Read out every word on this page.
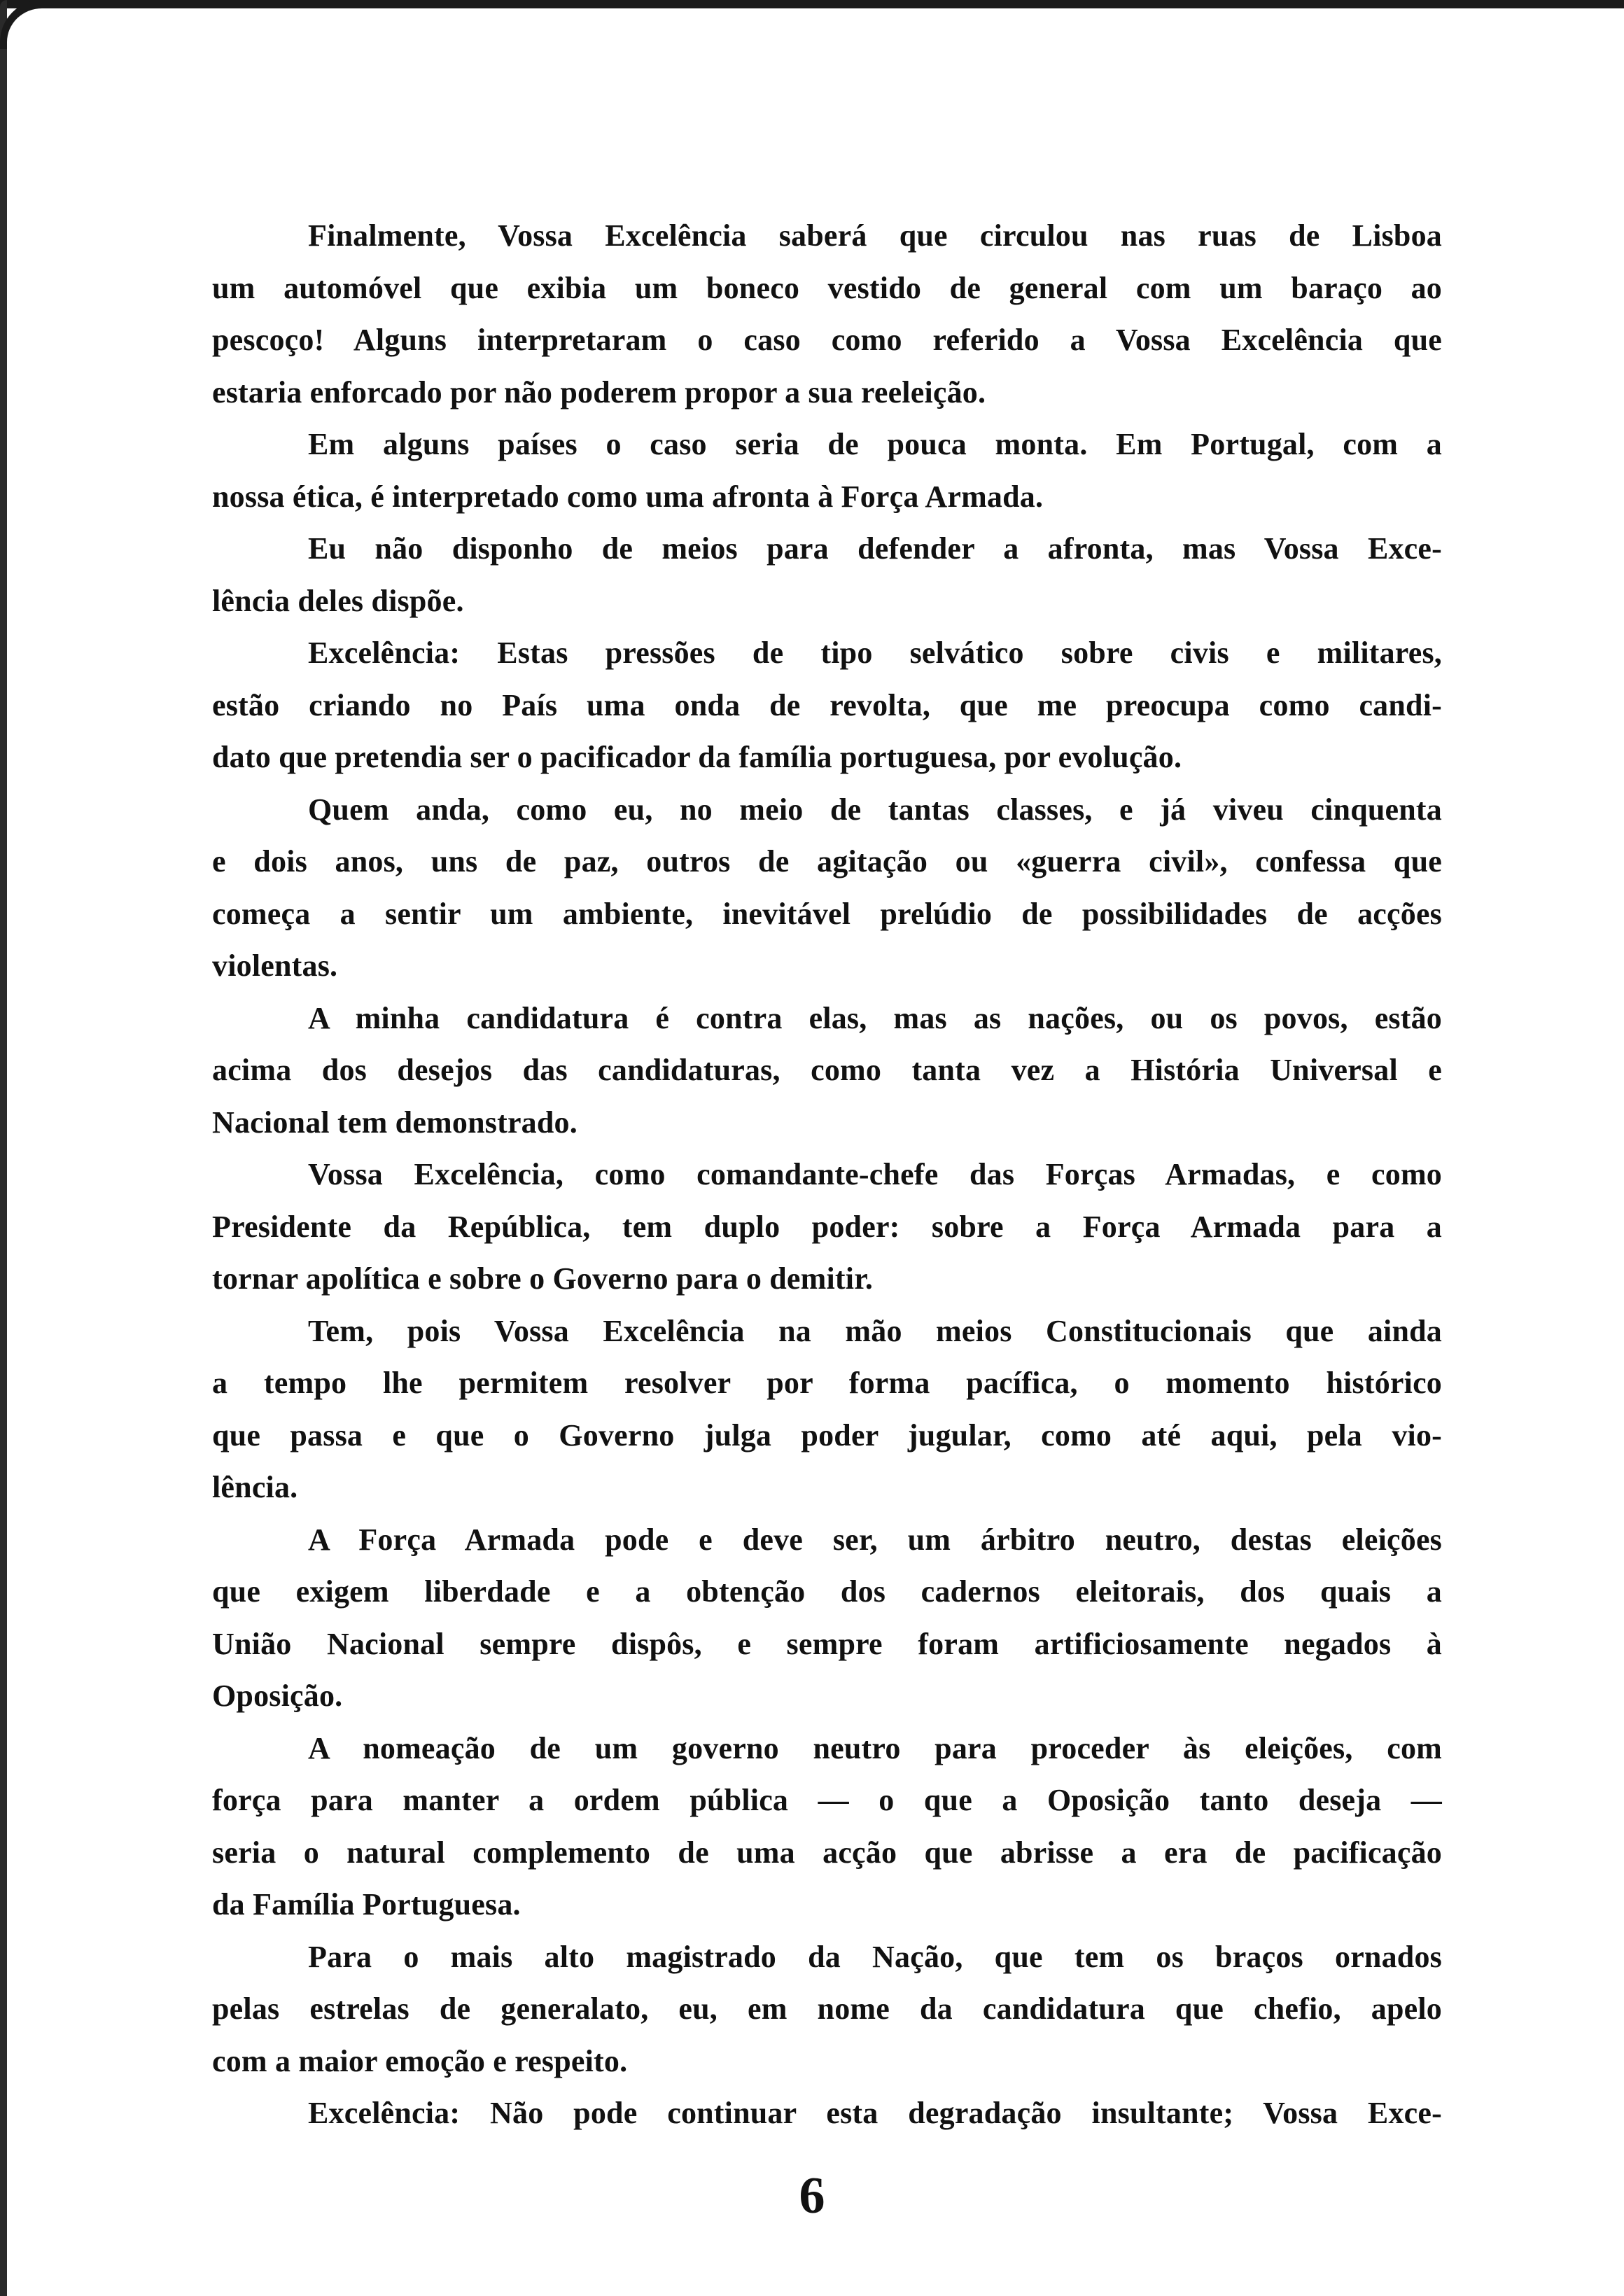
Finalmente, Vossa Excelência saberá que circulou nas ruas de Lisboa
um automóvel que exibia um boneco vestido de general com um baraço ao
pescoço! Alguns interpretaram o caso como referido a Vossa Excelência que
estaria enforcado por não poderem propor a sua reeleição.
Em alguns países o caso seria de pouca monta. Em Portugal, com a
nossa ética, é interpretado como uma afronta à Força Armada.
Eu não disponho de meios para defender a afronta, mas Vossa Exce-
lência deles dispõe.
Excelência: Estas pressões de tipo selvático sobre civis e militares,
estão criando no País uma onda de revolta, que me preocupa como candi-
dato que pretendia ser o pacificador da família portuguesa, por evolução.
Quem anda, como eu, no meio de tantas classes, e já viveu cinquenta
e dois anos, uns de paz, outros de agitação ou «guerra civil», confessa que
começa a sentir um ambiente, inevitável prelúdio de possibilidades de acções
violentas.
A minha candidatura é contra elas, mas as nações, ou os povos, estão
acima dos desejos das candidaturas, como tanta vez a História Universal e
Nacional tem demonstrado.
Vossa Excelência, como comandante-chefe das Forças Armadas, e como
Presidente da República, tem duplo poder: sobre a Força Armada para a
tornar apolítica e sobre o Governo para o demitir.
Tem, pois Vossa Excelência na mão meios Constitucionais que ainda
a tempo lhe permitem resolver por forma pacífica, o momento histórico
que passa e que o Governo julga poder jugular, como até aqui, pela vio-
lência.
A Força Armada pode e deve ser, um árbitro neutro, destas eleições
que exigem liberdade e a obtenção dos cadernos eleitorais, dos quais a
União Nacional sempre dispôs, e sempre foram artificiosamente negados à
Oposição.
A nomeação de um governo neutro para proceder às eleições, com
força para manter a ordem pública — o que a Oposição tanto deseja —
seria o natural complemento de uma acção que abrisse a era de pacificação
da Família Portuguesa.
Para o mais alto magistrado da Nação, que tem os braços ornados
pelas estrelas de generalato, eu, em nome da candidatura que chefio, apelo
com a maior emoção e respeito.
Excelência: Não pode continuar esta degradação insultante; Vossa Exce-
6
